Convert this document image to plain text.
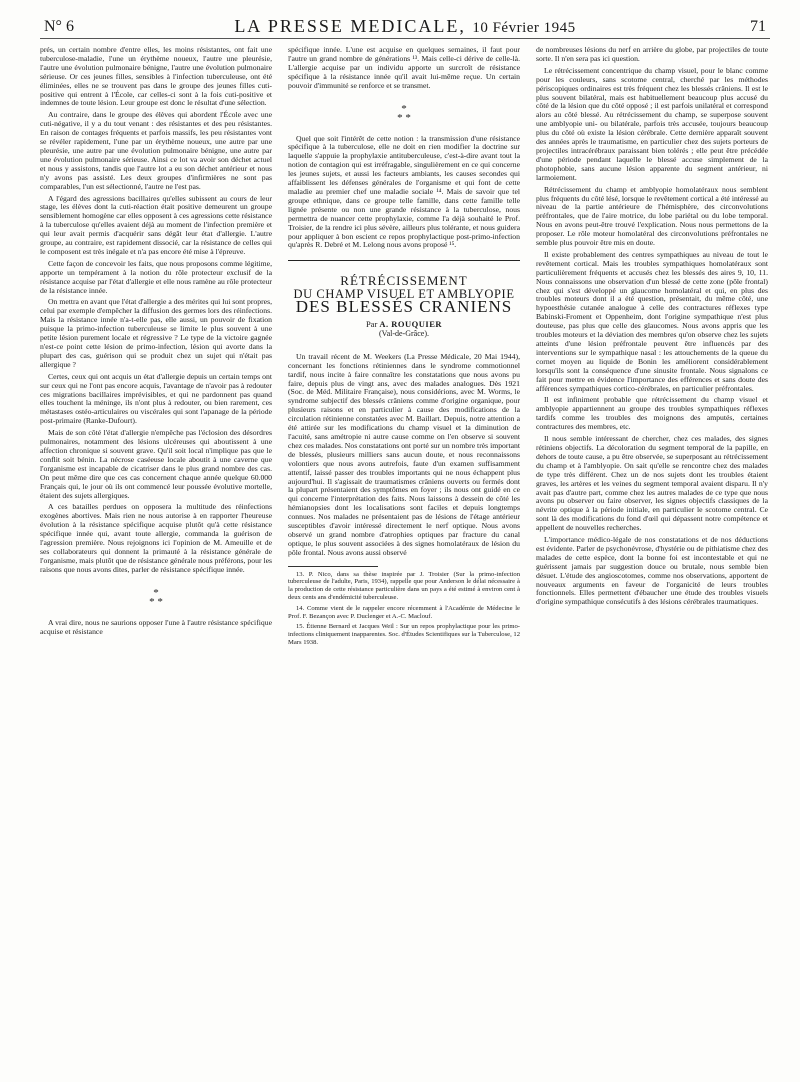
N° 6	LA PRESSE MEDICALE, 10 Février 1945	71

prés, un certain nombre d'entre elles, les moins résistantes, ont fait une tuberculose-maladie, l'une un érythème noueux, l'autre une pleurésie, l'autre une évolution pulmonaire bénigne, l'autre une évolution pulmonaire sérieuse. Or ces jeunes filles, sensibles à l'infection tuberculeuse, ont été éliminées, elles ne se trouvent pas dans le groupe des jeunes filles cuti-positive qui entrent à l'École, car celles-ci sont à la fois cuti-positive et indemnes de toute lésion. Leur groupe est donc le résultat d'une sélection.

Au contraire, dans le groupe des élèves qui abordent l'École avec une cuti-négative, il y a du tout venant : des résistantes et des peu résistantes. En raison de contages fréquents et parfois massifs, les peu résistantes vont se révéler rapidement, l'une par un érythème noueux, une autre par une pleurésie, une autre par une évolution pulmonaire bénigne, une autre par une évolution pulmonaire sérieuse. Ainsi ce lot va avoir son déchet actuel et nous y assistons, tandis que l'autre lot a eu son déchet antérieur et nous n'y avons pas assisté. Les deux groupes d'infirmières ne sont pas comparables, l'un est sélectionné, l'autre ne l'est pas.

A l'égard des agressions bacillaires qu'elles subissent au cours de leur stage, les élèves dont la cuti-réaction était positive demeurent un groupe sensiblement homogène car elles opposent à ces agressions cette résistance à la tuberculose qu'elles avaient déjà au moment de l'infection première et qui leur avait permis d'acquérir sans dégât leur état d'allergie. L'autre groupe, au contraire, est rapidement dissocié, car la résistance de celles qui le composent est très inégale et n'a pas encore été mise à l'épreuve.

Cette façon de concevoir les faits, que nous proposons comme légitime, apporte un tempérament à la notion du rôle protecteur exclusif de la résistance acquise par l'état d'allergie et elle nous ramène au rôle protecteur de la résistance innée.

On mettra en avant que l'état d'allergie a des mérites qui lui sont propres, celui par exemple d'empêcher la diffusion des germes lors des réinfections. Mais la résistance innée n'a-t-elle pas, elle aussi, un pouvoir de fixation puisque la primo-infection tuberculeuse se limite le plus souvent à une petite lésion purement locale et régressive ? Le type de la victoire gagnée n'est-ce point cette lésion de primo-infection, lésion qui avorte dans la plupart des cas, guérison qui se produit chez un sujet qui n'était pas allergique ?

Certes, ceux qui ont acquis un état d'allergie depuis un certain temps ont sur ceux qui ne l'ont pas encore acquis, l'avantage de n'avoir pas à redouter ces migrations bacillaires imprévisibles, et qui ne pardonnent pas quand elles touchent la méninge, ils n'ont plus à redouter, ou bien rarement, ces métastases ostéo-articulaires ou viscérales qui sont l'apanage de la période post-primaire (Ranke-Dufourt).

Mais de son côté l'état d'allergie n'empêche pas l'éclosion des désordres pulmonaires, notamment des lésions ulcéreuses qui aboutissent à une affection chronique si souvent grave. Qu'il soit local n'implique pas que le conflit soit bénin. La nécrose caséeuse locale aboutit à une caverne que l'organisme est incapable de cicatriser dans le plus grand nombre des cas. On peut même dire que ces cas concernent chaque année quelque 60.000 Français qui, le jour où ils ont commencé leur poussée évolutive mortelle, étaient des sujets allergiques.

A ces batailles perdues on opposera la multitude des réinfections exogènes abortives. Mais rien ne nous autorise à en rapporter l'heureuse évolution à la résistance spécifique acquise plutôt qu'à cette résistance spécifique innée qui, avant toute allergie, commanda la guérison de l'agression première. Nous rejoignons ici l'opinion de M. Ameuille et de ses collaborateurs qui donnent la primauté à la résistance générale de l'organisme, mais plutôt que de résistance générale nous préférons, pour les raisons que nous avons dites, parler de résistance spécifique innée.

*
* *

A vrai dire, nous ne saurions opposer l'une à l'autre résistance spécifique acquise et résistance

spécifique innée. L'une est acquise en quelques semaines, il faut pour l'autre un grand nombre de générations ¹³. Mais celle-ci dérive de celle-là. L'allergie acquise par un individu apporte un surcroît de résistance spécifique à la résistance innée qu'il avait lui-même reçue. Un certain pouvoir d'immunité se renforce et se transmet.

*
* *

Quel que soit l'intérêt de cette notion : la transmission d'une résistance spécifique à la tuberculose, elle ne doit en rien modifier la doctrine sur laquelle s'appuie la prophylaxie antituberculeuse, c'est-à-dire avant tout la notion de contagion qui est irréfragable, singulièrement en ce qui concerne les jeunes sujets, et aussi les facteurs ambiants, les causes secondes qui affaiblissent les défenses générales de l'organisme et qui font de cette maladie au premier chef une maladie sociale ¹⁴. Mais de savoir que tel groupe ethnique, dans ce groupe telle famille, dans cette famille telle lignée présente ou non une grande résistance à la tuberculose, nous permettra de nuancer cette prophylaxie, comme l'a déjà souhaité le Prof. Troisier, de la rendre ici plus sévère, ailleurs plus tolérante, et nous guidera pour appliquer à bon escient ce repos prophylactique post-primo-infection qu'après R. Debré et M. Lelong nous avons proposé ¹⁵.

RÉTRÉCISSEMENT
DU CHAMP VISUEL ET AMBLYOPIE
DES BLESSÉS CRANIENS
Par A. ROUQUIER
(Val-de-Grâce).

Un travail récent de M. Weekers (La Presse Médicale, 20 Mai 1944), concernant les fonctions rétiniennes dans le syndrome commotionnel tardif, nous incite à faire connaître les constatations que nous avons pu faire, depuis plus de vingt ans, avec des malades analogues. Dès 1921 (Soc. de Méd. Militaire Française), nous considérions, avec M. Worms, le syndrome subjectif des blessés crâniens comme d'origine organique, pour plusieurs raisons et en particulier à cause des modifications de la circulation rétinienne constatées avec M. Baillart. Depuis, notre attention a été attirée sur les modifications du champ visuel et la diminution de l'acuité, sans amétropie ni autre cause comme on l'en observe si souvent chez ces malades. Nos constatations ont porté sur un nombre très important de blessés, plusieurs milliers sans aucun doute, et nous reconnaissons volontiers que nous avons autrefois, faute d'un examen suffisamment attentif, laissé passer des troubles importants qui ne nous échappent plus aujourd'hui. Il s'agissait de traumatismes crâniens ouverts ou fermés dont la plupart présentaient des symptômes en foyer ; ils nous ont guidé en ce qui concerne l'interprétation des faits. Nous laissons à dessein de côté les hémianopsies dont les localisations sont faciles et depuis longtemps connues. Nos malades ne présentaient pas de lésions de l'étage antérieur susceptibles d'avoir intéressé directement le nerf optique. Nous avons observé un grand nombre d'atrophies optiques par fracture du canal optique, le plus souvent associées à des signes homolatéraux de lésion du pôle frontal. Nous avons aussi observé

13. P. Nico, dans sa thèse inspirée par J. Troisier (Sur la primo-infection tuberculeuse de l'adulte, Paris, 1934), rappelle que pour Anderson le délai nécessaire à la production de cette résistance particulière dans un pays a été estimé à environ cent à deux cents ans d'endémicité tuberculeuse.

14. Comme vient de le rappeler encore récemment à l'Académie de Médecine le Prof. F. Bezançon avec P. Duclenger et A.-C. Maclouf.

15. Étienne Bernard et Jacques Weil : Sur un repos prophylactique pour les primo-infections cliniquement inapparentes. Soc. d'Études Scientifiques sur la Tuberculose, 12 Mars 1938.

de nombreuses lésions du nerf en arrière du globe, par projectiles de toute sorte. Il n'en sera pas ici question.

Le rétrécissement concentrique du champ visuel, pour le blanc comme pour les couleurs, sans scotome central, cherché par les méthodes périscopiques ordinaires est très fréquent chez les blessés crâniens. Il est le plus souvent bilatéral, mais est habituellement beaucoup plus accusé du côté de la lésion que du côté opposé ; il est parfois unilatéral et correspond alors au côté blessé. Au rétrécissement du champ, se superpose souvent une amblyopie uni- ou bilatérale, parfois très accusée, toujours beaucoup plus du côté où existe la lésion cérébrale. Cette dernière apparaît souvent des années après le traumatisme, en particulier chez des sujets porteurs de projectiles intracérébraux paraissant bien tolérés ; elle peut être précédée d'une période pendant laquelle le blessé accuse simplement de la photophobie, sans aucune lésion apparente du segment antérieur, ni larmoiement.

Rétrécissement du champ et amblyopie homolatéraux nous semblent plus fréquents du côté lésé, lorsque le revêtement cortical a été intéressé au niveau de la partie antérieure de l'hémisphère, des circonvolutions préfrontales, que de l'aire motrice, du lobe pariétal ou du lobe temporal. Nous en avons peut-être trouvé l'explication. Nous nous permettons de la proposer. Le rôle moteur homolatéral des circonvolutions préfrontales ne semble plus pouvoir être mis en doute.

Il existe probablement des centres sympathiques au niveau de tout le revêtement cortical. Mais les troubles sympathiques homolatéraux sont particulièrement fréquents et accusés chez les blessés des aires 9, 10, 11. Nous connaissons une observation d'un blessé de cette zone (pôle frontal) chez qui s'est développé un glaucome homolatéral et qui, en plus des troubles moteurs dont il a été question, présentait, du même côté, une hypoesthésie cutanée analogue à celle des contractures réflexes type Babinski-Froment et Oppenheim, dont l'origine sympathique n'est plus douteuse, pas plus que celle des glaucomes. Nous avons appris que les troubles moteurs et la déviation des membres qu'on observe chez les sujets atteints d'une lésion préfrontale peuvent être influencés par des interventions sur le sympathique nasal : les attouchements de la queue du cornet moyen au liquide de Bonin les améliorent considérablement lorsqu'ils sont la conséquence d'une sinusite frontale. Nous signalons ce fait pour mettre en évidence l'importance des efférences et sans doute des afférences sympathiques cortico-cérébrales, en particulier préfrontales.

Il est infiniment probable que rétrécissement du champ visuel et amblyopie appartiennent au groupe des troubles sympathiques réflexes tardifs comme les troubles des moignons des amputés, certaines contractures des membres, etc.

Il nous semble intéressant de chercher, chez ces malades, des signes rétiniens objectifs. La décoloration du segment temporal de la papille, en dehors de toute cause, a pu être observée, se superposant au rétrécissement du champ et à l'amblyopie. On sait qu'elle se rencontre chez des malades de type très différent. Chez un de nos sujets dont les troubles étaient graves, les artères et les veines du segment temporal avaient disparu. Il n'y avait pas d'autre part, comme chez les autres malades de ce type que nous avons pu observer ou faire observer, les signes objectifs classiques de la névrite optique à la période initiale, en particulier le scotome central. Ce sont là des modifications du fond d'œil qui dépassent notre compétence et appellent de nouvelles recherches.

L'importance médico-légale de nos constatations et de nos déductions est évidente. Parler de psychonévrose, d'hystérie ou de pithiatisme chez des malades de cette espèce, dont la bonne foi est incontestable et qui ne guérissent jamais par suggestion douce ou brutale, nous semble bien désuet. L'étude des angioscotomes, comme nos observations, apportent de nouveaux arguments en faveur de l'organicité de leurs troubles fonctionnels. Elles permettent d'ébaucher une étude des troubles visuels d'origine sympathique consécutifs à des lésions cérébrales traumatiques.
